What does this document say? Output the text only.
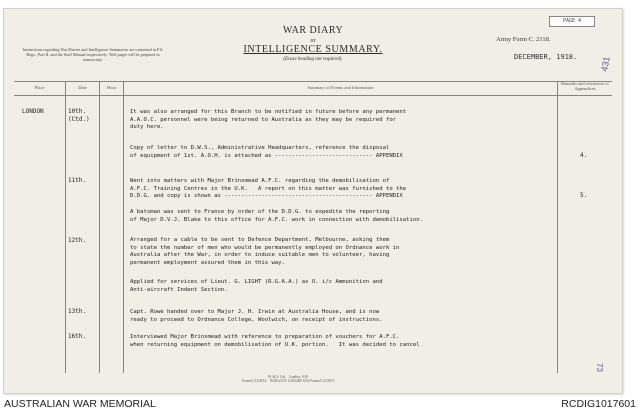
PAGE 4
WAR DIARY
or
INTELLIGENCE SUMMARY.
(Erase heading not required).
Instructions regarding War Diaries and Intelligence Summaries are contained in F.S. Regs., Part II. and the Staff Manual respectively. Title pages will be prepared in manuscript.
Army Form C. 2118.
DECEMBER, 1918. 431
Place	Date	Hour	Summary of Events and Information
Remarks and references to Appendices
LONDON	10th.
(Ctd.)
It was also arranged for this Branch to be notified in future before any permanent
A.A.O.C. personnel were being returned to Australia as they may be required for
duty here.
Copy of letter to D.W.S., Administrative Headquarters, reference the disposal
of equipment of 1st. A.O.H. is attached as ----------------------------- APPENDIX	4.
11th.	Went into matters with Major Brinsmead A.F.C. regarding the demobilisation of
A.F.C. Training Centres in the U.K.   A report on this matter was furnished to the
D.D.G. and copy is shown as -------------------------------------------- APPENDIX	5.
A batsman was sent to France by order of the D.D.G. to expedite the reporting
of Major D.V.J. Blake to this office for A.F.C. work in connection with demobilisation.
12th.	Arranged for a cable to be sent to Defence Department, Melbourne, asking them
to state the number of men who would be permanently employed on Ordnance work in
Australia after the War, in order to induce suitable men to volunteer, having
permanent employment assured them in this way.
Applied for services of Lieut. G. LIGHT (R.G.A.A.) as O. i/c Ammunition and
Anti-aircraft Indent Section.
13th.	Capt. Rowe handed over to Major J. H. Irwin at Australia House, and is now
ready to proceed to Ordnance College, Woolwich, on receipt of instructions.
16th.	Interviewed Major Brinsmead with reference to preparation of vouchers for A.F.C.
when returning equipment on demobilisation of U.K. portion.   It was decided to cancel
W. & S. Ltd.   London, S.W.
Forms/C2118/12.   W28/w5/55 1,000,000 6/16 Forms/C2118/15
73
AUSTRALIAN WAR MEMORIAL	RCDIG1017601
